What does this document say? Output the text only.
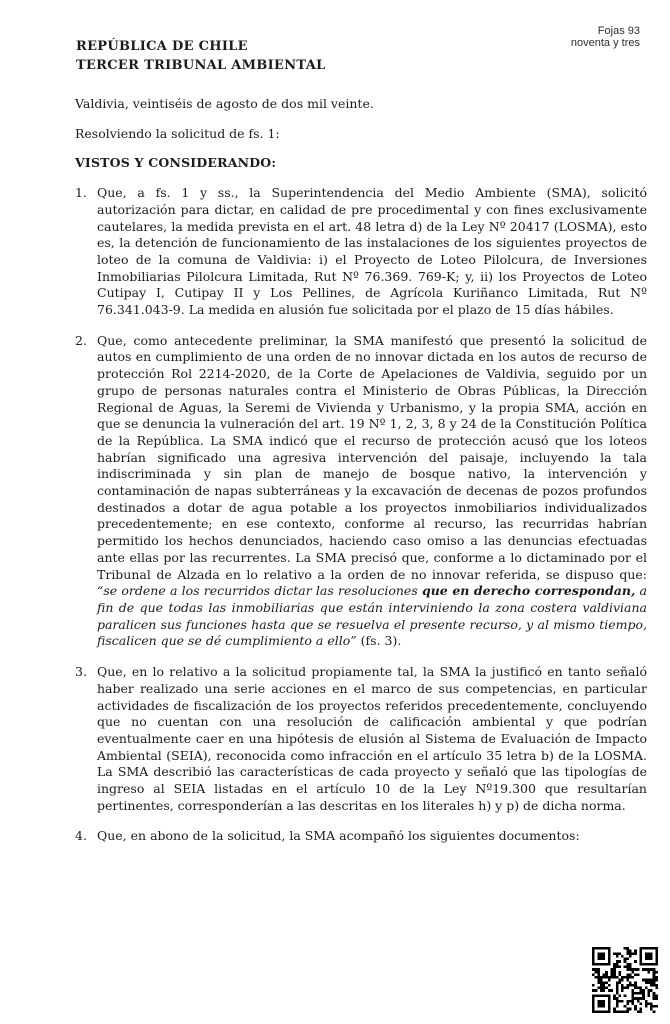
Fojas 93
noventa y tres
REPÚBLICA DE CHILE
TERCER TRIBUNAL AMBIENTAL

Valdivia, veintiséis de agosto de dos mil veinte.

Resolviendo la solicitud de fs. 1:

VISTOS Y CONSIDERANDO:

1. Que, a fs. 1 y ss., la Superintendencia del Medio Ambiente (SMA), solicitó autorización para dictar, en calidad de pre procedimental y con fines exclusivamente cautelares, la medida prevista en el art. 48 letra d) de la Ley Nº 20417 (LOSMA), esto es, la detención de funcionamiento de las instalaciones de los siguientes proyectos de loteo de la comuna de Valdivia: i) el Proyecto de Loteo Pilolcura, de Inversiones Inmobiliarias Pilolcura Limitada, Rut Nº 76.369. 769-K; y, ii) los Proyectos de Loteo Cutipay I, Cutipay II y Los Pellines, de Agrícola Kuriñanco Limitada, Rut Nº 76.341.043-9. La medida en alusión fue solicitada por el plazo de 15 días hábiles.
2. Que, como antecedente preliminar, la SMA manifestó que presentó la solicitud de autos en cumplimiento de una orden de no innovar dictada en los autos de recurso de protección Rol 2214-2020, de la Corte de Apelaciones de Valdivia, seguido por un grupo de personas naturales contra el Ministerio de Obras Públicas, la Dirección Regional de Aguas, la Seremi de Vivienda y Urbanismo, y la propia SMA, acción en que se denuncia la vulneración del art. 19 Nº 1, 2, 3, 8 y 24 de la Constitución Política de la República. La SMA indicó que el recurso de protección acusó que los loteos habrían significado una agresiva intervención del paisaje, incluyendo la tala indiscriminada y sin plan de manejo de bosque nativo, la intervención y contaminación de napas subterráneas y la excavación de decenas de pozos profundos destinados a dotar de agua potable a los proyectos inmobiliarios individualizados precedentemente; en ese contexto, conforme al recurso, las recurridas habrían permitido los hechos denunciados, haciendo caso omiso a las denuncias efectuadas ante ellas por las recurrentes. La SMA precisó que, conforme a lo dictaminado por el Tribunal de Alzada en lo relativo a la orden de no innovar referida, se dispuso que: “se ordene a los recurridos dictar las resoluciones que en derecho correspondan, a fin de que todas las inmobiliarias que están interviniendo la zona costera valdiviana paralicen sus funciones hasta que se resuelva el presente recurso, y al mismo tiempo, fiscalicen que se dé cumplimiento a ello” (fs. 3).
3. Que, en lo relativo a la solicitud propiamente tal, la SMA la justificó en tanto señaló haber realizado una serie acciones en el marco de sus competencias, en particular actividades de fiscalización de los proyectos referidos precedentemente, concluyendo que no cuentan con una resolución de calificación ambiental y que podrían eventualmente caer en una hipótesis de elusión al Sistema de Evaluación de Impacto Ambiental (SEIA), reconocida como infracción en el artículo 35 letra b) de la LOSMA. La SMA describió las características de cada proyecto y señaló que las tipologías de ingreso al SEIA listadas en el artículo 10 de la Ley Nº19.300 que resultarían pertinentes, corresponderían a las descritas en los literales h) y p) de dicha norma.
4. Que, en abono de la solicitud, la SMA acompañó los siguientes documentos:
